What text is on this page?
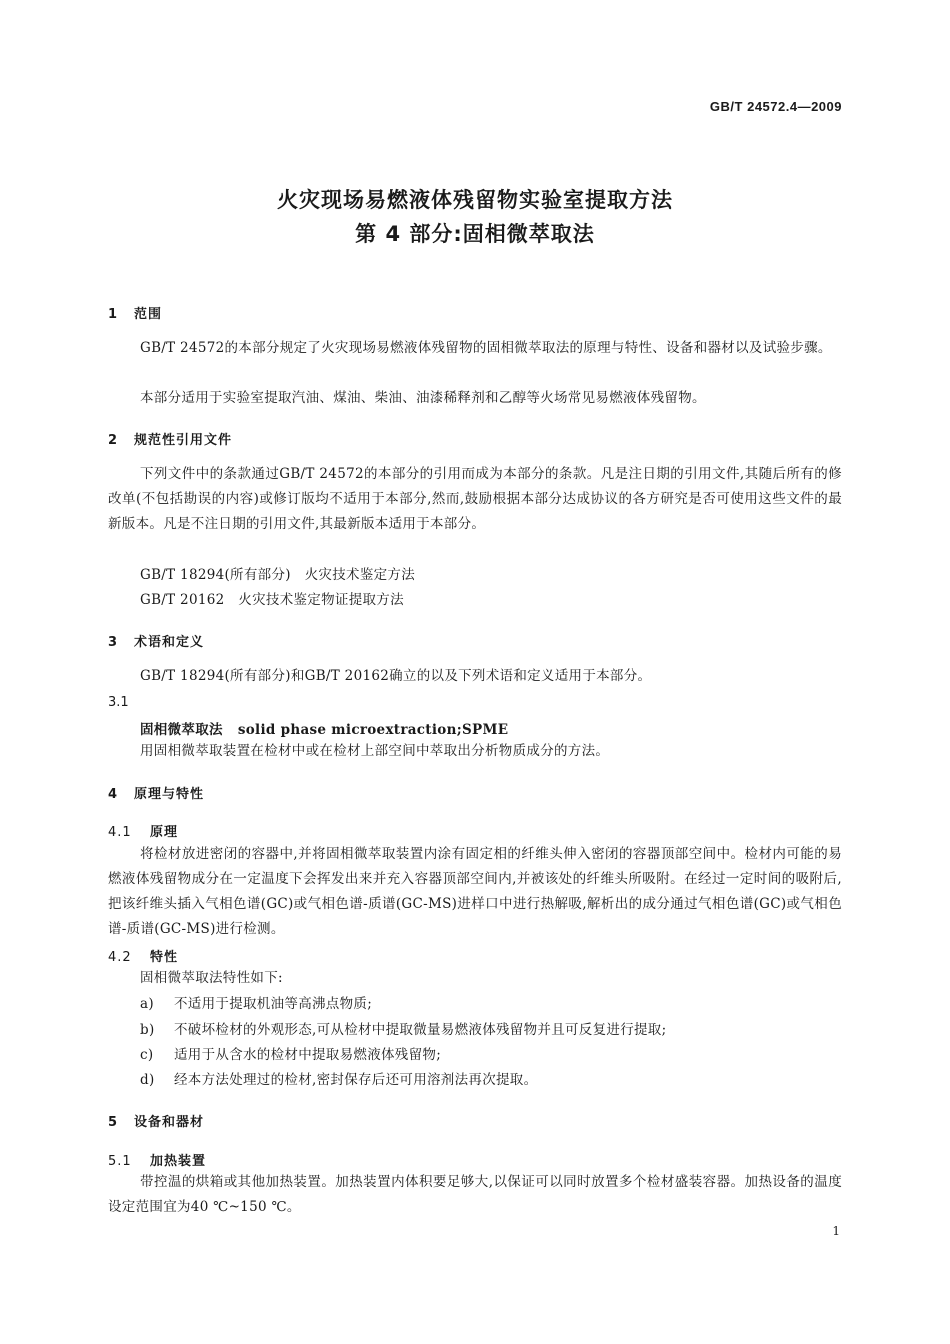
GB/T 24572.4—2009
火灾现场易燃液体残留物实验室提取方法
第 4 部分:固相微萃取法
1 范围
GB/T 24572的本部分规定了火灾现场易燃液体残留物的固相微萃取法的原理与特性、设备和器材以及试验步骤。
本部分适用于实验室提取汽油、煤油、柴油、油漆稀释剂和乙醇等火场常见易燃液体残留物。
2 规范性引用文件
下列文件中的条款通过GB/T 24572的本部分的引用而成为本部分的条款。凡是注日期的引用文件,其随后所有的修改单(不包括勘误的内容)或修订版均不适用于本部分,然而,鼓励根据本部分达成协议的各方研究是否可使用这些文件的最新版本。凡是不注日期的引用文件,其最新版本适用于本部分。
GB/T 18294(所有部分)　火灾技术鉴定方法
GB/T 20162　火灾技术鉴定物证提取方法
3 术语和定义
GB/T 18294(所有部分)和GB/T 20162确立的以及下列术语和定义适用于本部分。
3.1
固相微萃取法 solid phase microextraction;SPME
用固相微萃取装置在检材中或在检材上部空间中萃取出分析物质成分的方法。
4 原理与特性
4.1 原理
将检材放进密闭的容器中,并将固相微萃取装置内涂有固定相的纤维头伸入密闭的容器顶部空间中。检材内可能的易燃液体残留物成分在一定温度下会挥发出来并充入容器顶部空间内,并被该处的纤维头所吸附。在经过一定时间的吸附后,把该纤维头插入气相色谱(GC)或气相色谱-质谱(GC-MS)进样口中进行热解吸,解析出的成分通过气相色谱(GC)或气相色谱-质谱(GC-MS)进行检测。
4.2 特性
固相微萃取法特性如下:
a) 不适用于提取机油等高沸点物质;
b) 不破坏检材的外观形态,可从检材中提取微量易燃液体残留物并且可反复进行提取;
c) 适用于从含水的检材中提取易燃液体残留物;
d) 经本方法处理过的检材,密封保存后还可用溶剂法再次提取。
5 设备和器材
5.1 加热装置
带控温的烘箱或其他加热装置。加热装置内体积要足够大,以保证可以同时放置多个检材盛装容器。加热设备的温度设定范围宜为40 ℃~150 ℃。
1
